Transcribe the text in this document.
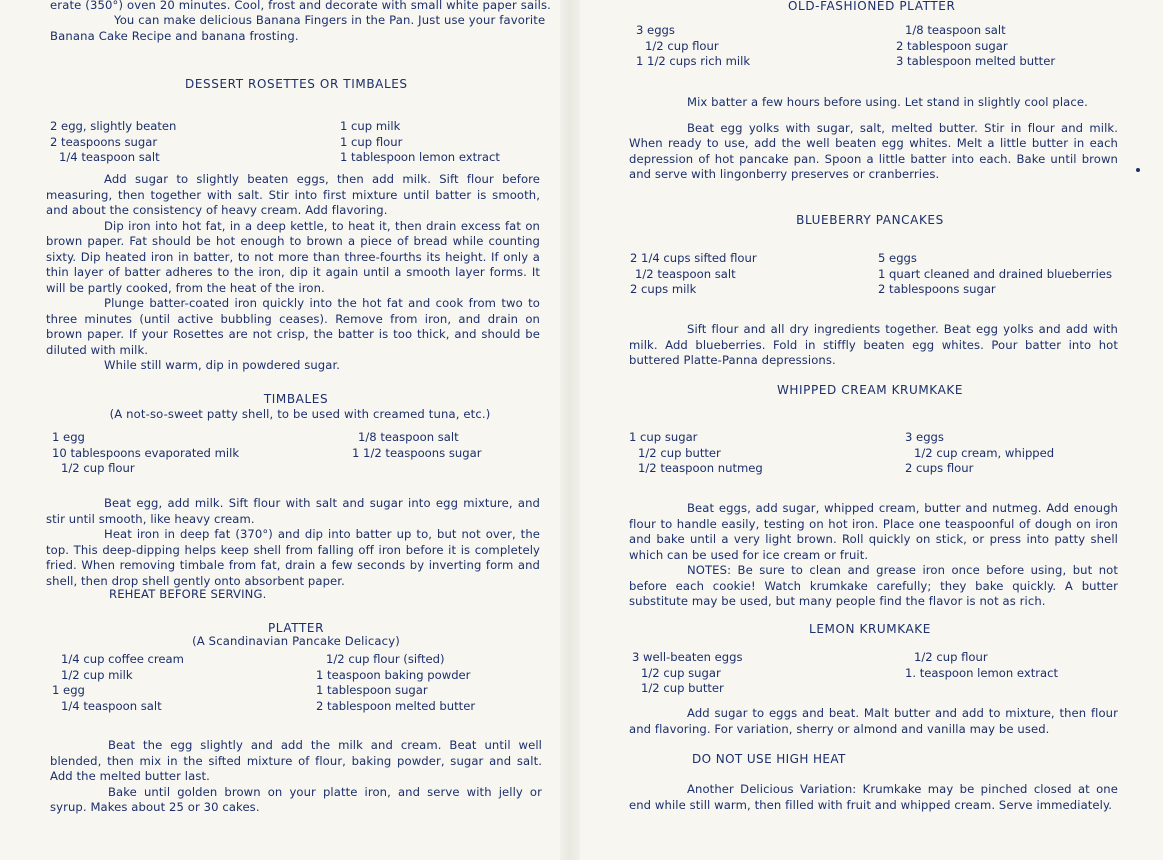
erate (350°) oven 20 minutes. Cool, frost and decorate with small white paper sails.
You can make delicious Banana Fingers in the Pan. Just use your favorite
Banana Cake Recipe and banana frosting.
DESSERT ROSETTES OR TIMBALES
2 egg, slightly beaten
2 teaspoons sugar
1/4 teaspoon salt
1 cup milk
1 cup flour
1 tablespoon lemon extract
Add sugar to slightly beaten eggs, then add milk. Sift flour before measuring, then together with salt. Stir into first mixture until batter is smooth, and about the consistency of heavy cream. Add flavoring.
Dip iron into hot fat, in a deep kettle, to heat it, then drain excess fat on brown paper. Fat should be hot enough to brown a piece of bread while counting sixty. Dip heated iron in batter, to not more than three-fourths its height. If only a thin layer of batter adheres to the iron, dip it again until a smooth layer forms. It will be partly cooked, from the heat of the iron.
Plunge batter-coated iron quickly into the hot fat and cook from two to three minutes (until active bubbling ceases). Remove from iron, and drain on brown paper. If your Rosettes are not crisp, the batter is too thick, and should be diluted with milk.
While still warm, dip in powdered sugar.
TIMBALES
(A not-so-sweet patty shell, to be used with creamed tuna, etc.)
1 egg
10 tablespoons evaporated milk
1/2 cup flour
1/8 teaspoon salt
1 1/2 teaspoons sugar
Beat egg, add milk. Sift flour with salt and sugar into egg mixture, and stir until smooth, like heavy cream.
Heat iron in deep fat (370°) and dip into batter up to, but not over, the top. This deep-dipping helps keep shell from falling off iron before it is completely fried. When removing timbale from fat, drain a few seconds by inverting form and shell, then drop shell gently onto absorbent paper.
REHEAT BEFORE SERVING.
PLATTER
(A Scandinavian Pancake Delicacy)
1/4 cup coffee cream
1/2 cup milk
1 egg
1/4 teaspoon salt
1/2 cup flour (sifted)
1 teaspoon baking powder
1 tablespoon sugar
2 tablespoon melted butter
Beat the egg slightly and add the milk and cream. Beat until well blended, then mix in the sifted mixture of flour, baking powder, sugar and salt. Add the melted butter last.
Bake until golden brown on your platte iron, and serve with jelly or syrup. Makes about 25 or 30 cakes.
OLD-FASHIONED PLATTER
3 eggs
1/2 cup flour
1 1/2 cups rich milk
1/8 teaspoon salt
2 tablespoon sugar
3 tablespoon melted butter
Mix batter a few hours before using. Let stand in slightly cool place.
Beat egg yolks with sugar, salt, melted butter. Stir in flour and milk. When ready to use, add the well beaten egg whites. Melt a little butter in each depression of hot pancake pan. Spoon a little batter into each. Bake until brown and serve with lingonberry preserves or cranberries.
BLUEBERRY PANCAKES
2 1/4 cups sifted flour
1/2 teaspoon salt
2 cups milk
5 eggs
1 quart cleaned and drained blueberries
2 tablespoons sugar
Sift flour and all dry ingredients together. Beat egg yolks and add with milk. Add blueberries. Fold in stiffly beaten egg whites. Pour batter into hot buttered Platte-Panna depressions.
WHIPPED CREAM KRUMKAKE
1 cup sugar
1/2 cup butter
1/2 teaspoon nutmeg
3 eggs
1/2 cup cream, whipped
2 cups flour
Beat eggs, add sugar, whipped cream, butter and nutmeg. Add enough flour to handle easily, testing on hot iron. Place one teaspoonful of dough on iron and bake until a very light brown. Roll quickly on stick, or press into patty shell which can be used for ice cream or fruit.
NOTES: Be sure to clean and grease iron once before using, but not before each cookie! Watch krumkake carefully; they bake quickly. A butter substitute may be used, but many people find the flavor is not as rich.
LEMON KRUMKAKE
3 well-beaten eggs
1/2 cup sugar
1/2 cup butter
1/2 cup flour
1. teaspoon lemon extract
Add sugar to eggs and beat. Malt butter and add to mixture, then flour and flavoring. For variation, sherry or almond and vanilla may be used.
DO NOT USE HIGH HEAT
Another Delicious Variation: Krumkake may be pinched closed at one end while still warm, then filled with fruit and whipped cream. Serve immediately.
